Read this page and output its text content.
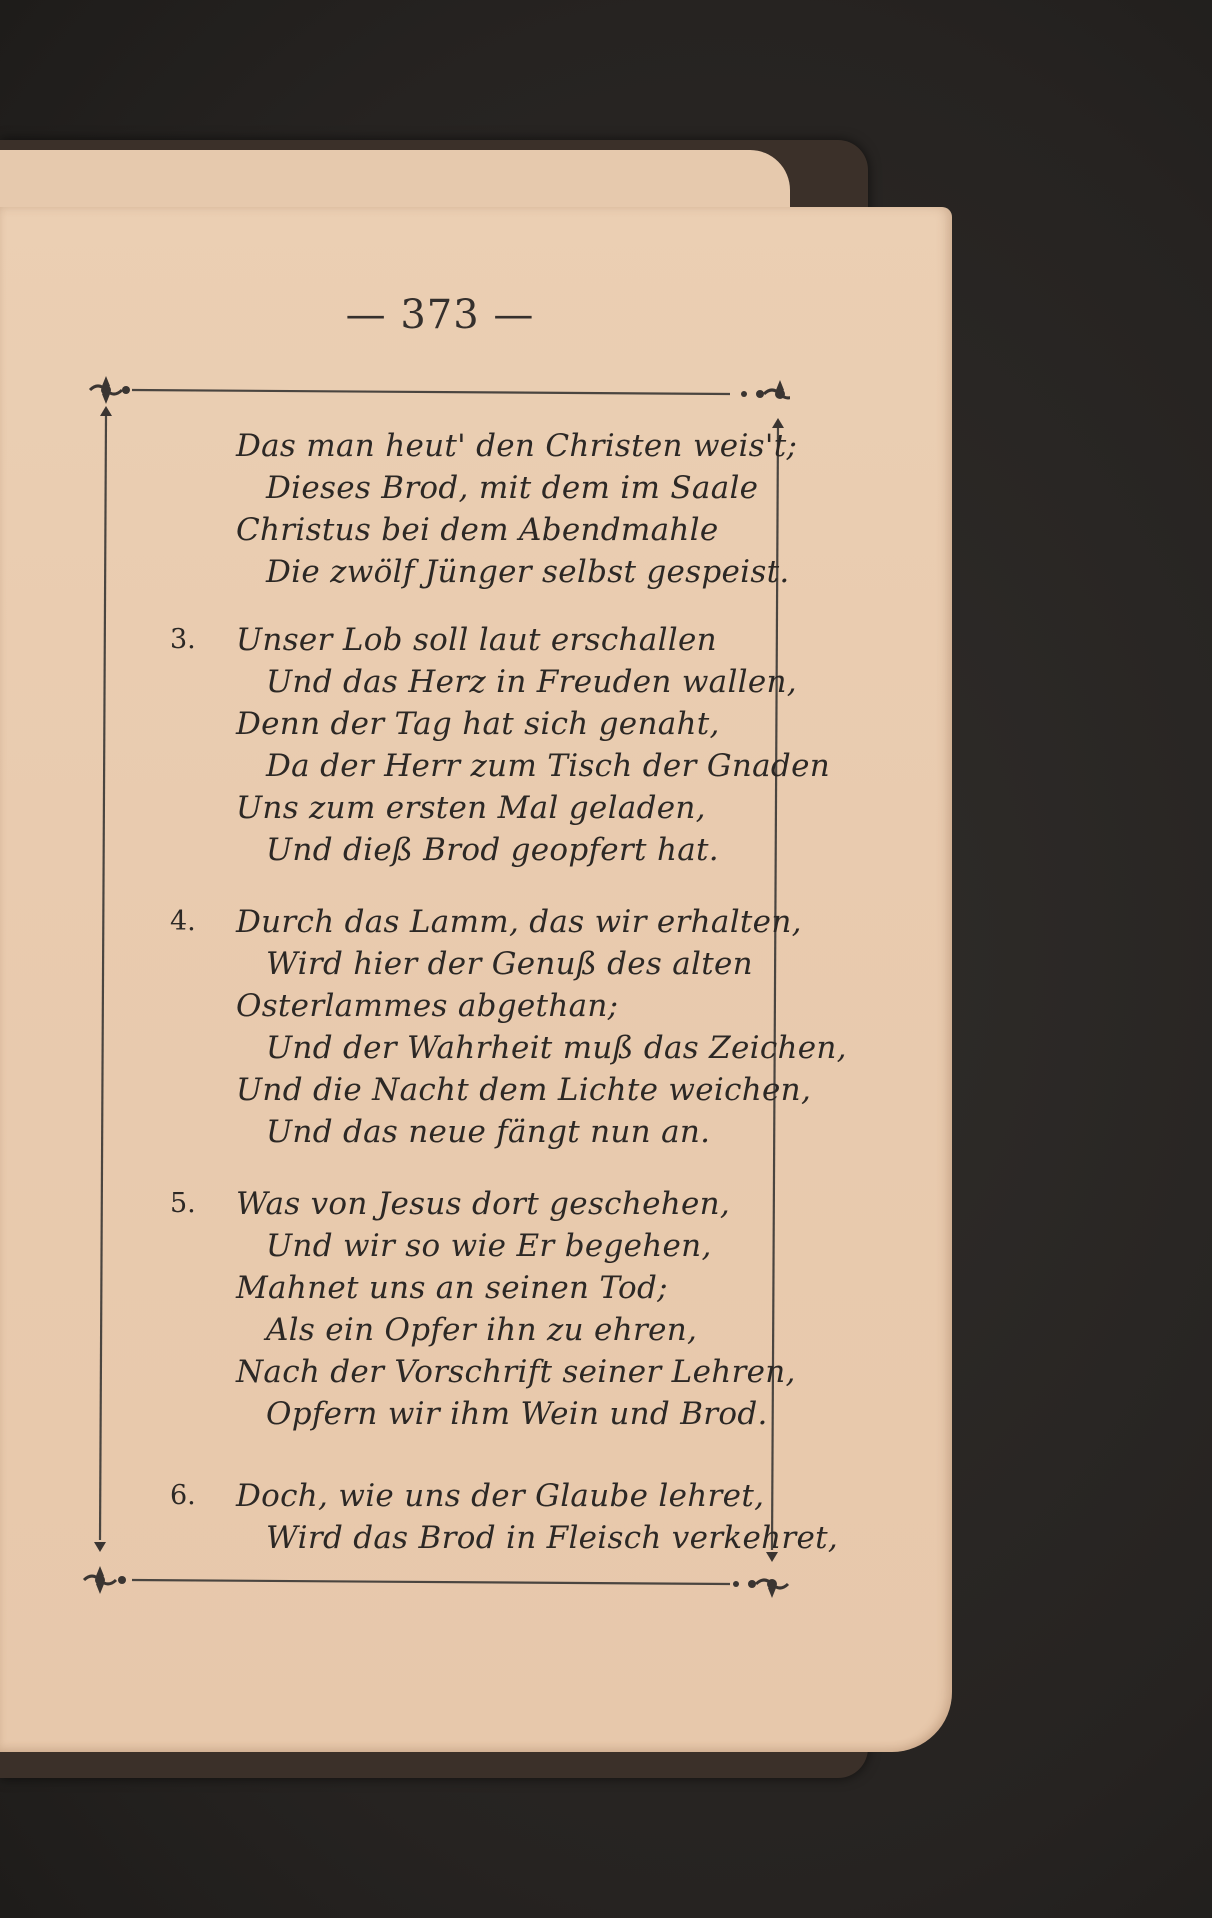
— 373 —
Das man heut' den Christen weis't;
Dieses Brod, mit dem im Saale
Christus bei dem Abendmahle
Die zwölf Jünger selbst gespeist.
3. Unser Lob soll laut erschallen
Und das Herz in Freuden wallen,
Denn der Tag hat sich genaht,
Da der Herr zum Tisch der Gnaden
Uns zum ersten Mal geladen,
Und dieß Brod geopfert hat.
4. Durch das Lamm, das wir erhalten,
Wird hier der Genuß des alten
Osterlammes abgethan;
Und der Wahrheit muß das Zeichen,
Und die Nacht dem Lichte weichen,
Und das neue fängt nun an.
5. Was von Jesus dort geschehen,
Und wir so wie Er begehen,
Mahnet uns an seinen Tod;
Als ein Opfer ihn zu ehren,
Nach der Vorschrift seiner Lehren,
Opfern wir ihm Wein und Brod.
6. Doch, wie uns der Glaube lehret,
Wird das Brod in Fleisch verkehret,
